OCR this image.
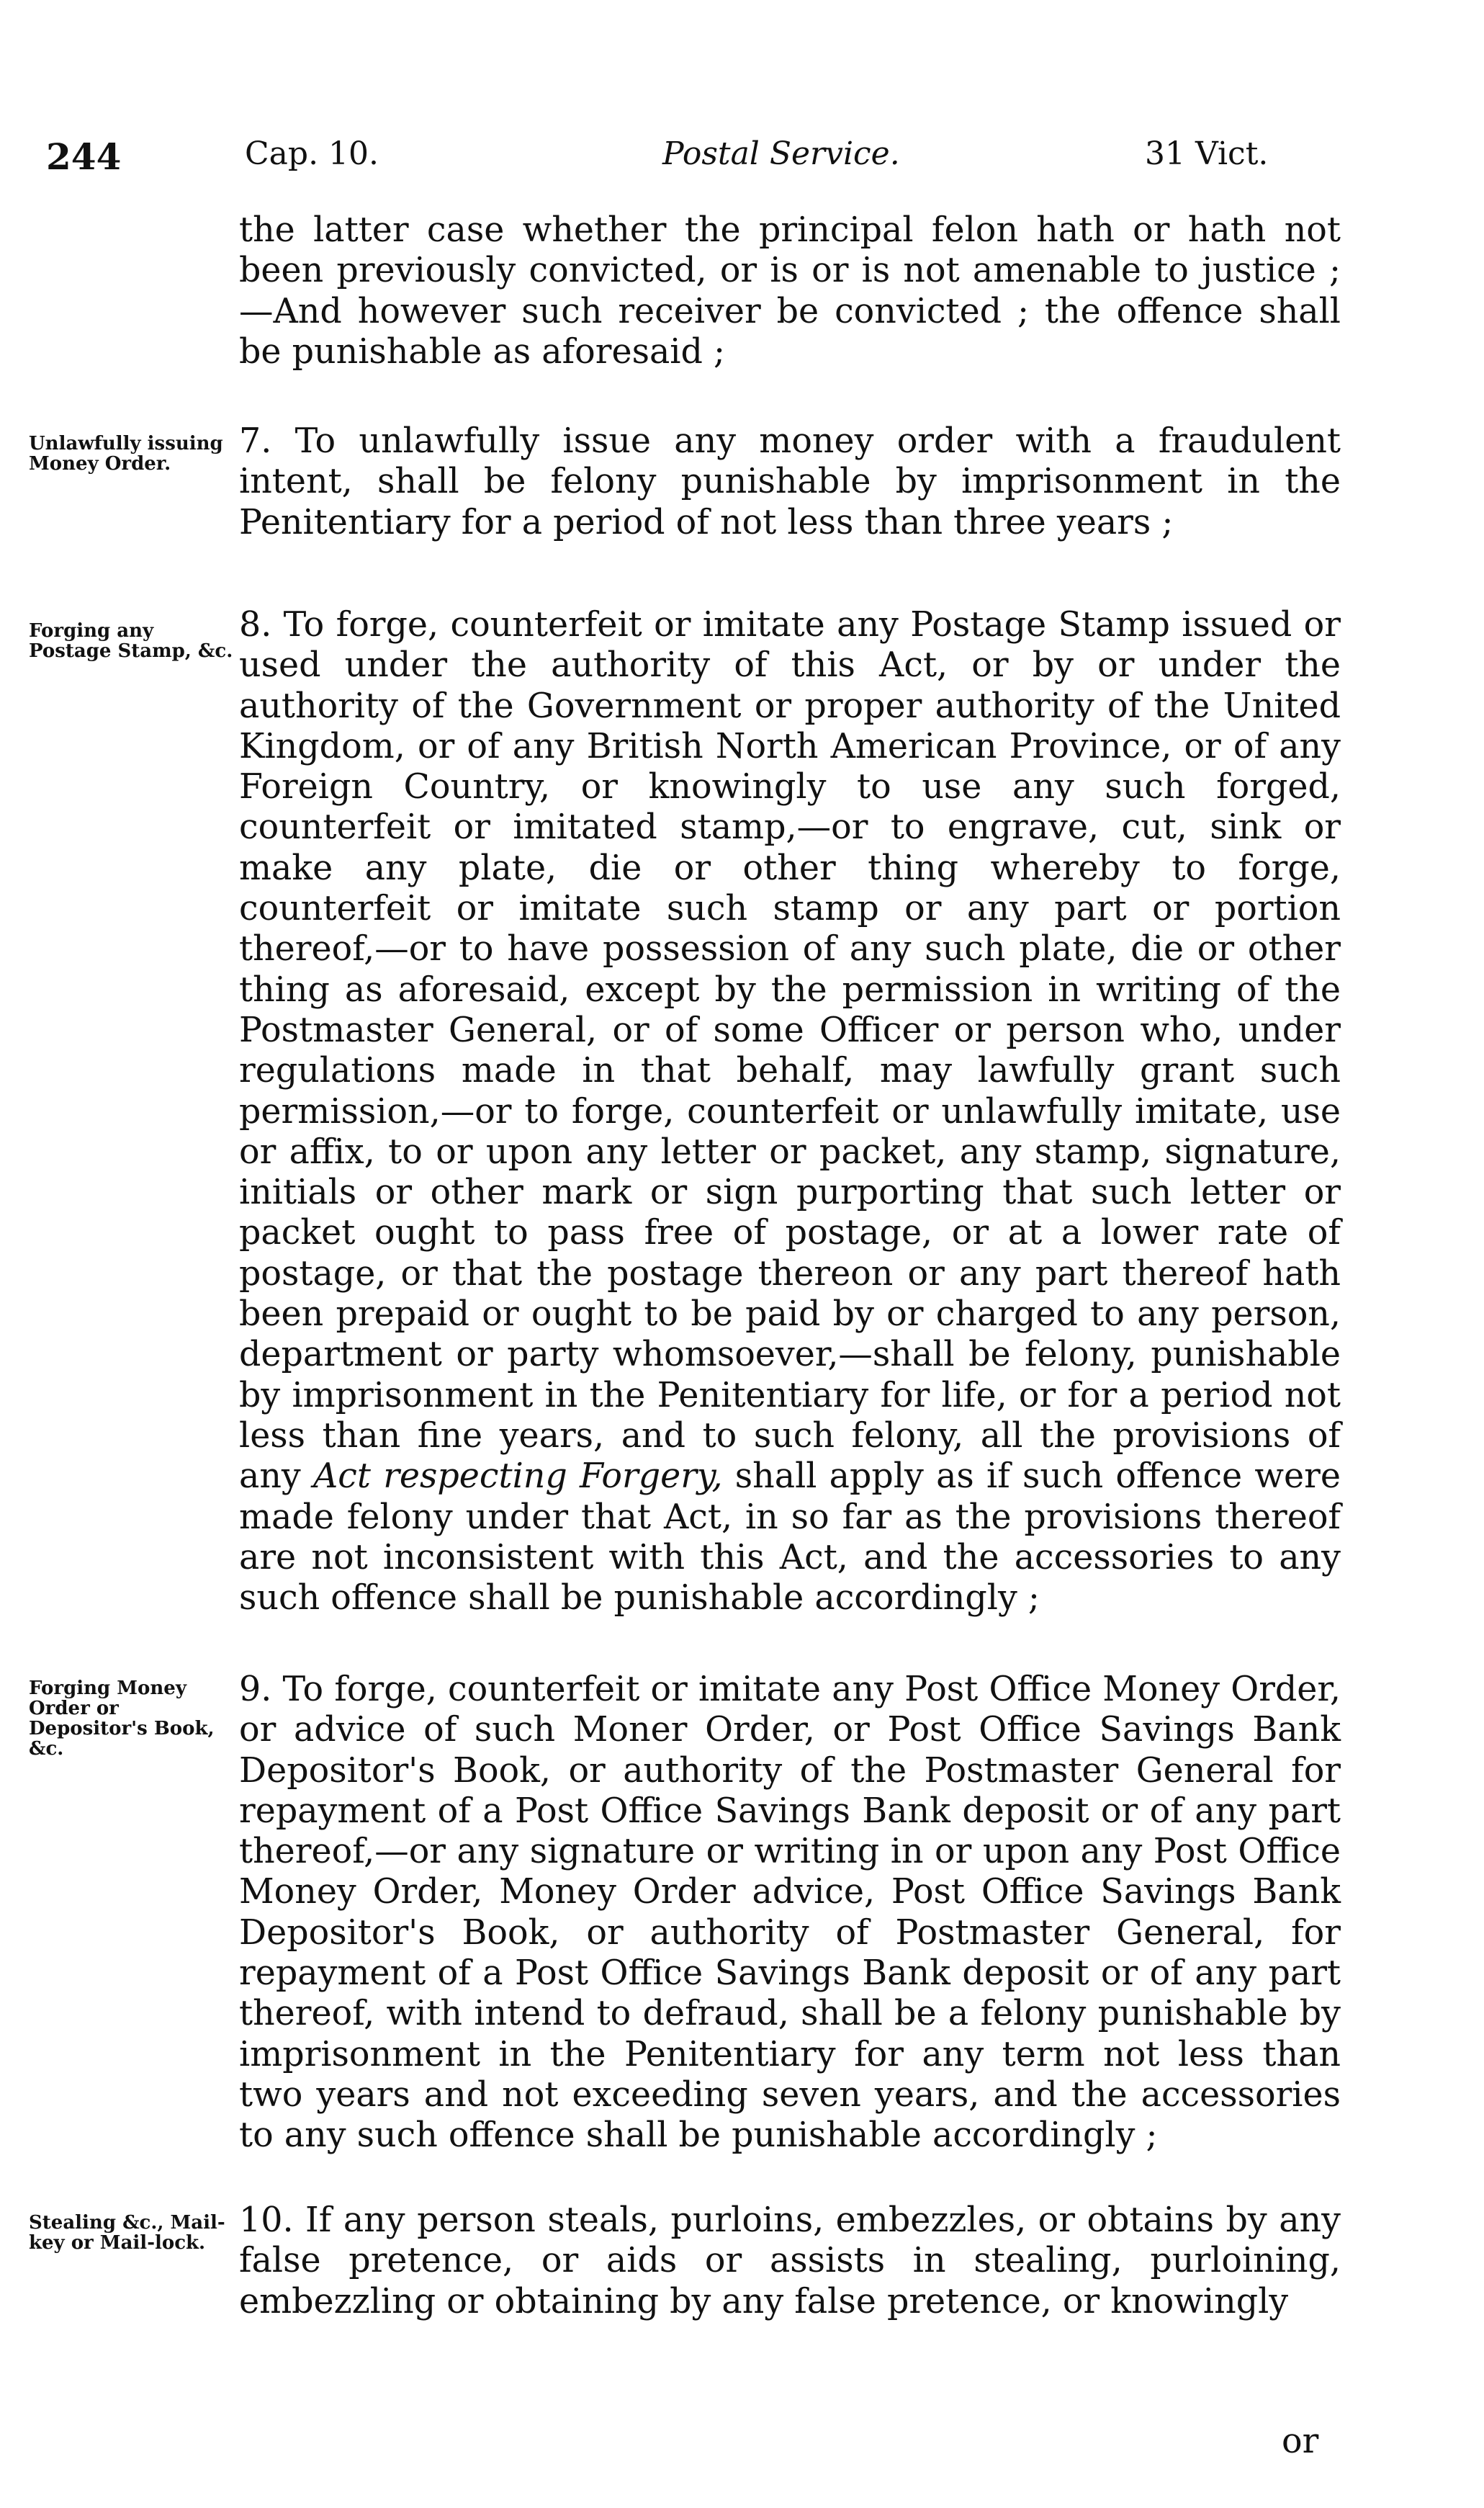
244	Cap. 10.	Postal Service.	31 Vict.
the latter case whether the principal felon hath or hath not been previously convicted, or is or is not amenable to justice ;—And however such receiver be convicted ; the offence shall be punishable as aforesaid ;
Unlawfully issuing Money Order.
7. To unlawfully issue any money order with a fraudulent intent, shall be felony punishable by imprisonment in the Penitentiary for a period of not less than three years ;
Forging any Postage Stamp, &c.
8. To forge, counterfeit or imitate any Postage Stamp issued or used under the authority of this Act, or by or under the authority of the Government or proper authority of the United Kingdom, or of any British North American Province, or of any Foreign Country, or knowingly to use any such forged, counterfeit or imitated stamp,—or to engrave, cut, sink or make any plate, die or other thing whereby to forge, counterfeit or imitate such stamp or any part or portion thereof,—or to have possession of any such plate, die or other thing as aforesaid, except by the permission in writing of the Postmaster General, or of some Officer or person who, under regulations made in that behalf, may lawfully grant such permission,—or to forge, counterfeit or unlawfully imitate, use or affix, to or upon any letter or packet, any stamp, signature, initials or other mark or sign purporting that such letter or packet ought to pass free of postage, or at a lower rate of postage, or that the postage thereon or any part thereof hath been prepaid or ought to be paid by or charged to any person, department or party whomsoever,—shall be felony, punishable by imprisonment in the Penitentiary for life, or for a period not less than fine years, and to such felony, all the provisions of any Act respecting Forgery, shall apply as if such offence were made felony under that Act, in so far as the provisions thereof are not inconsistent with this Act, and the accessories to any such offence shall be punishable accordingly ;
Forging Money Order or Depositor's Book, &c.
9. To forge, counterfeit or imitate any Post Office Money Order, or advice of such Moner Order, or Post Office Savings Bank Depositor's Book, or authority of the Postmaster General for repayment of a Post Office Savings Bank deposit or of any part thereof,—or any signature or writing in or upon any Post Office Money Order, Money Order advice, Post Office Savings Bank Depositor's Book, or authority of Postmaster General, for repayment of a Post Office Savings Bank deposit or of any part thereof, with intend to defraud, shall be a felony punishable by imprisonment in the Penitentiary for any term not less than two years and not exceeding seven years, and the accessories to any such offence shall be punishable accordingly ;
Stealing &c., Mail-key or Mail-lock.
10. If any person steals, purloins, embezzles, or obtains by any false pretence, or aids or assists in stealing, purloining, embezzling or obtaining by any false pretence, or knowingly
or
